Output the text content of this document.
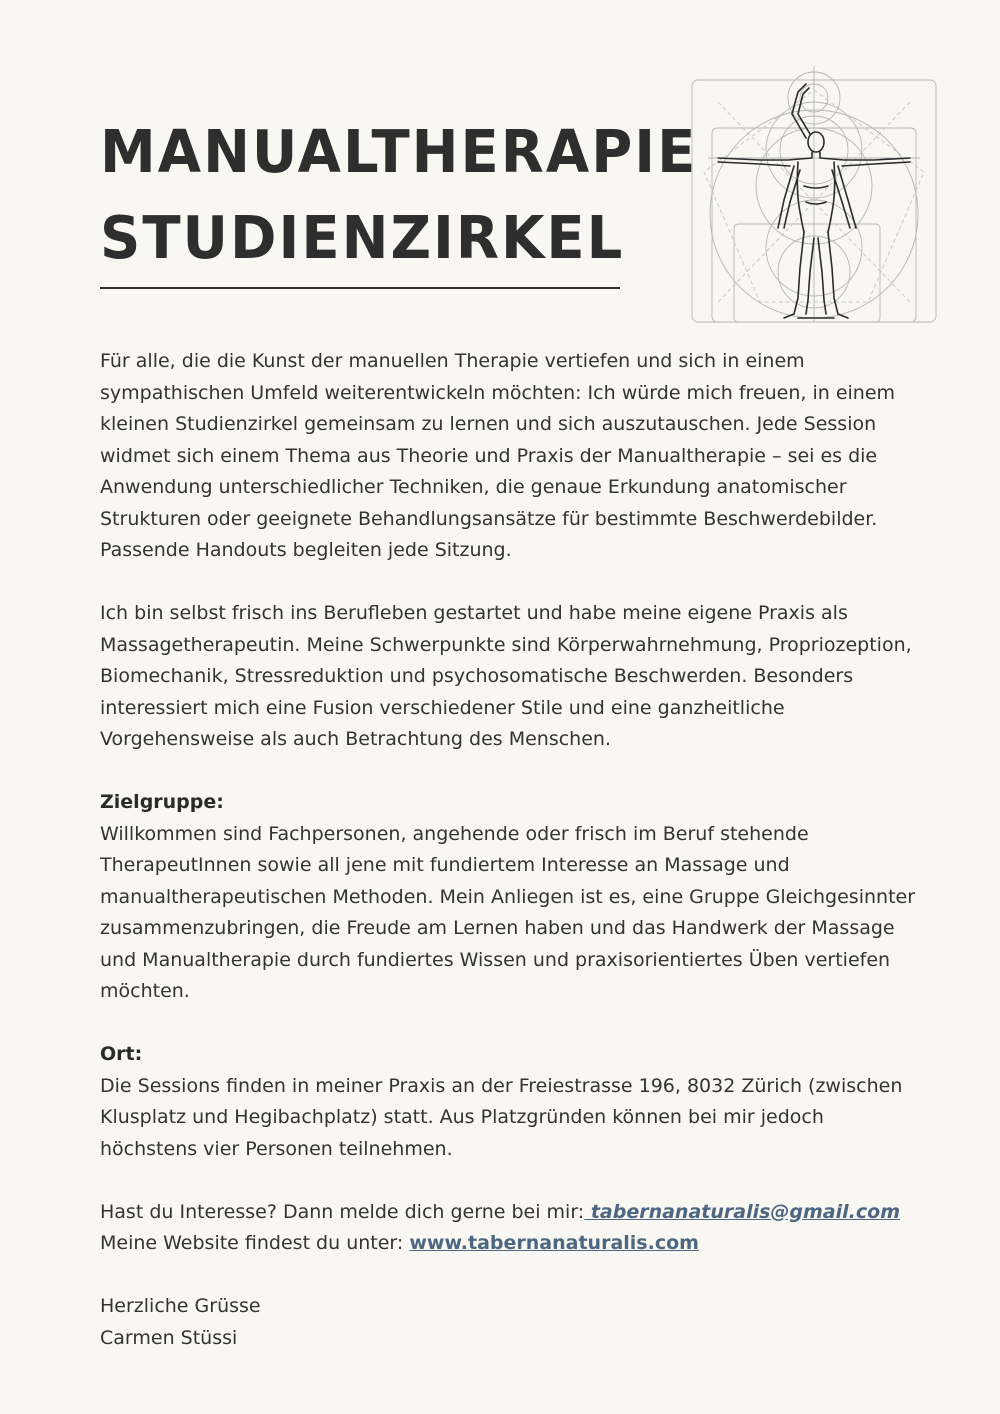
MANUALTHERAPIE
STUDIENZIRKEL

Für alle, die die Kunst der manuellen Therapie vertiefen und sich in einem sympathischen Umfeld weiterentwickeln möchten: Ich würde mich freuen, in einem kleinen Studienzirkel gemeinsam zu lernen und sich auszutauschen. Jede Session widmet sich einem Thema aus Theorie und Praxis der Manualtherapie – sei es die Anwendung unterschiedlicher Techniken, die genaue Erkundung anatomischer Strukturen oder geeignete Behandlungsansätze für bestimmte Beschwerdebilder. Passende Handouts begleiten jede Sitzung.

Ich bin selbst frisch ins Berufleben gestartet und habe meine eigene Praxis als Massagetherapeutin. Meine Schwerpunkte sind Körperwahrnehmung, Propriozeption, Biomechanik, Stressreduktion und psychosomatische Beschwerden. Besonders interessiert mich eine Fusion verschiedener Stile und eine ganzheitliche Vorgehensweise als auch Betrachtung des Menschen.

Zielgruppe:
Willkommen sind Fachpersonen, angehende oder frisch im Beruf stehende TherapeutInnen sowie all jene mit fundiertem Interesse an Massage und manualtherapeutischen Methoden. Mein Anliegen ist es, eine Gruppe Gleichgesinnter zusammenzubringen, die Freude am Lernen haben und das Handwerk der Massage und Manualtherapie durch fundiertes Wissen und praxisorientiertes Üben vertiefen möchten.

Ort:
Die Sessions finden in meiner Praxis an der Freiestrasse 196, 8032 Zürich (zwischen Klusplatz und Hegibachplatz) statt. Aus Platzgründen können bei mir jedoch höchstens vier Personen teilnehmen.

Hast du Interesse? Dann melde dich gerne bei mir: tabernanaturalis@gmail.com
Meine Website findest du unter: www.tabernanaturalis.com

Herzliche Grüsse
Carmen Stüssi
